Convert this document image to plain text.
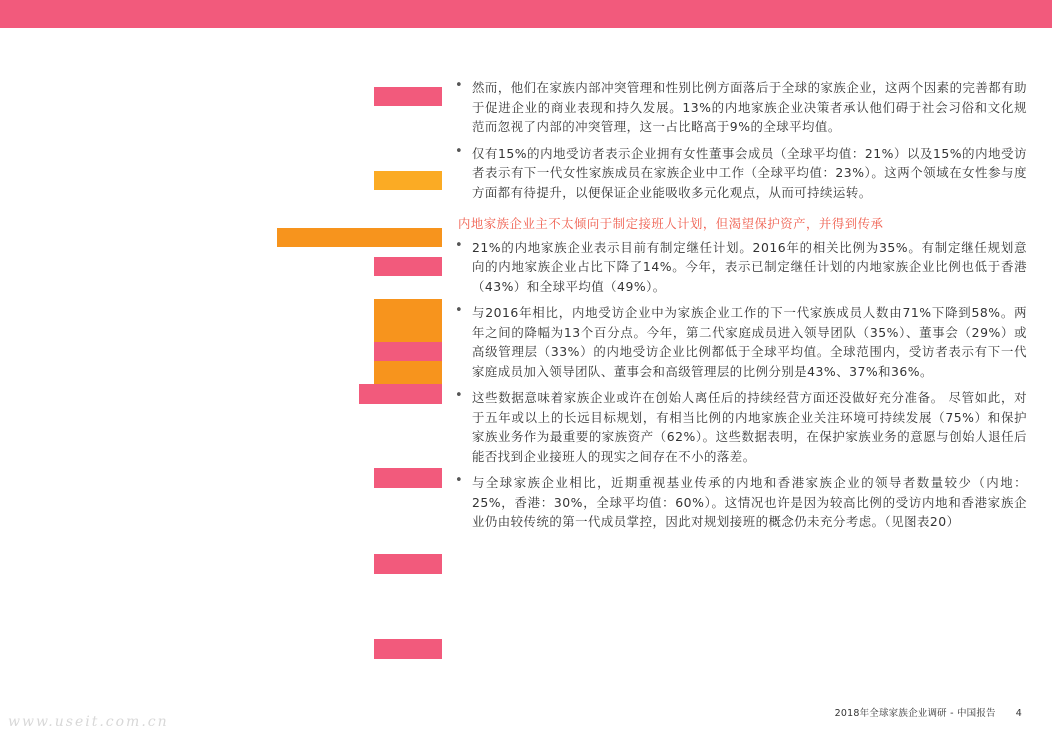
• 然而，他们在家族内部冲突管理和性别比例方面落后于全球的家族企业，这两个因素的完善都有助于促进企业的商业表现和持久发展。13%的内地家族企业决策者承认他们碍于社会习俗和文化规范而忽视了内部的冲突管理，这一占比略高于9%的全球平均值。
• 仅有15%的内地受访者表示企业拥有女性董事会成员（全球平均值：21%）以及15%的内地受访者表示有下一代女性家族成员在家族企业中工作（全球平均值：23%）。这两个领域在女性参与度方面都有待提升，以便保证企业能吸收多元化观点，从而可持续运转。
内地家族企业主不太倾向于制定接班人计划，但渴望保护资产，并得到传承
• 21%的内地家族企业表示目前有制定继任计划。2016年的相关比例为35%。有制定继任规划意向的内地家族企业占比下降了14%。今年，表示已制定继任计划的内地家族企业比例也低于香港（43%）和全球平均值（49%）。
• 与2016年相比，内地受访企业中为家族企业工作的下一代家族成员人数由71%下降到58%。两年之间的降幅为13个百分点。今年，第二代家庭成员进入领导团队（35%）、董事会（29%）或高级管理层（33%）的内地受访企业比例都低于全球平均值。全球范围内，受访者表示有下一代家庭成员加入领导团队、董事会和高级管理层的比例分别是43%、37%和36%。
• 这些数据意味着家族企业或许在创始人离任后的持续经营方面还没做好充分准备。 尽管如此，对于五年或以上的长远目标规划，有相当比例的内地家族企业关注环境可持续发展（75%）和保护家族业务作为最重要的家族资产（62%）。这些数据表明，在保护家族业务的意愿与创始人退任后能否找到企业接班人的现实之间存在不小的落差。
• 与全球家族企业相比，近期重视基业传承的内地和香港家族企业的领导者数量较少（内地：25%，香港：30%，全球平均值：60%）。这情况也许是因为较高比例的受访内地和香港家族企业仍由较传统的第一代成员掌控，因此对规划接班的概念仍未充分考虑。（见图表20）
2018年全球家族企业调研 - 中国报告 4
www.useit.com.cn
